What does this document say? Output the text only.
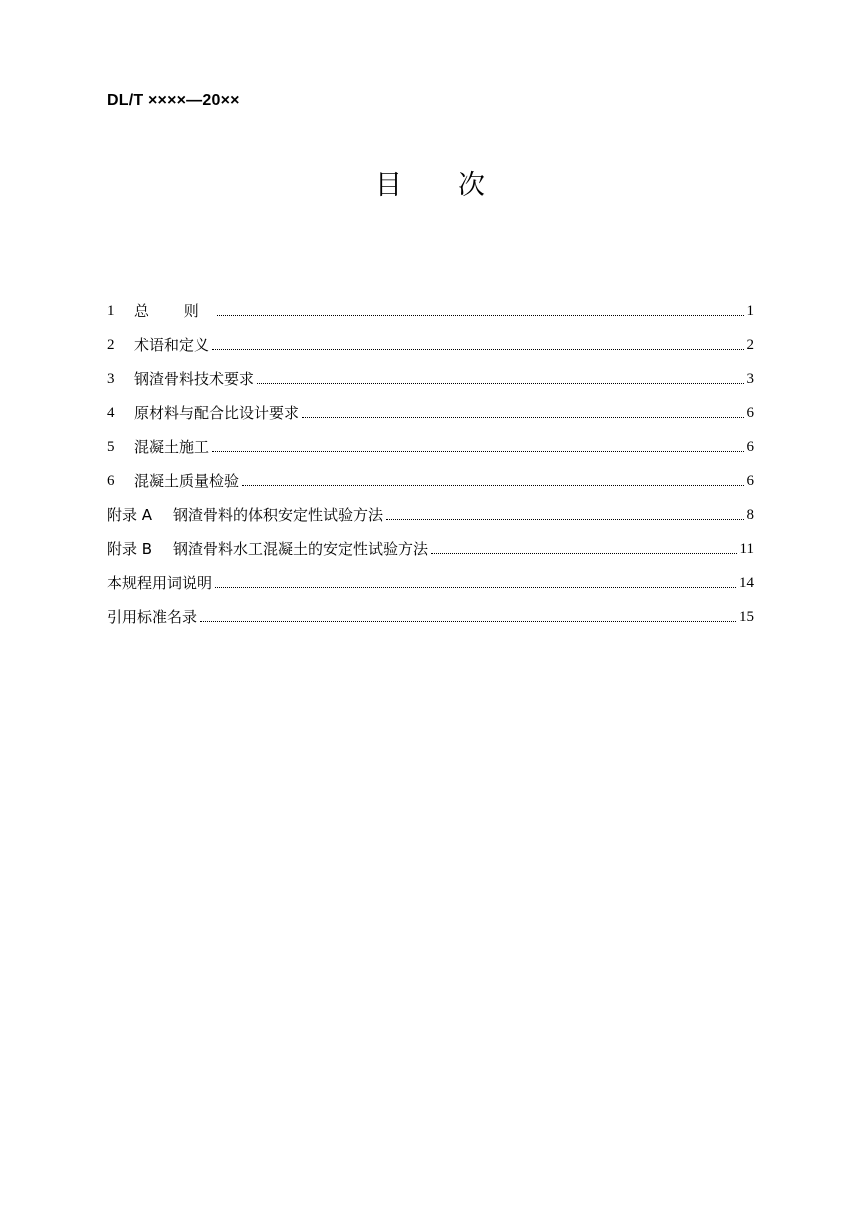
DL/T ××××—20××
目 次
1	总 则	1
2	术语和定义	2
3	钢渣骨料技术要求	3
4	原材料与配合比设计要求	6
5	混凝土施工	6
6	混凝土质量检验	6
附录 A	钢渣骨料的体积安定性试验方法	8
附录 B	钢渣骨料水工混凝土的安定性试验方法	11
本规程用词说明	14
引用标准名录	15
